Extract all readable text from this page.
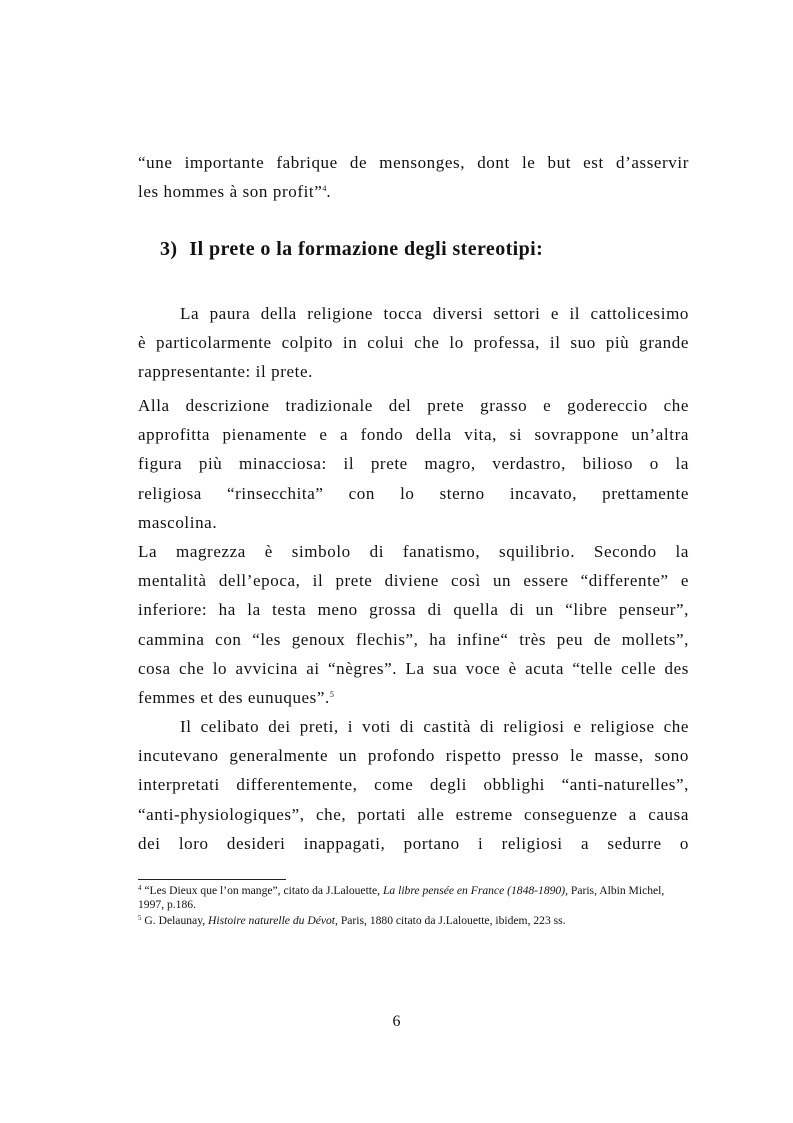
“une importante fabrique de mensonges, dont le but est d’asservir

les hommes à son profit”$^4$.

3) Il prete o la formazione degli stereotipi:

La paura della religione tocca diversi settori e il cattolicesimo

è particolarmente colpito in colui che lo professa, il suo più grande

rappresentante: il prete.

Alla descrizione tradizionale del prete grasso e godereccio che

approfitta pienamente e a fondo della vita, si sovrappone un’altra

figura più minacciosa: il prete magro, verdastro, bilioso o la

religiosa “rinsecchita” con lo sterno incavato, prettamente

mascolina.

La magrezza è simbolo di fanatismo, squilibrio. Secondo la

mentalità dell’epoca, il prete diviene così un essere “differente” e

inferiore: ha la testa meno grossa di quella di un “libre penseur”,

cammina con “les genoux flechis”, ha infine“ très peu de mollets”,

cosa che lo avvicina ai “nègres”. La sua voce è acuta “telle celle des

femmes et des eunuques”.$^5$

Il celibato dei preti, i voti di castità di religiosi e religiose che

incutevano generalmente un profondo rispetto presso le masse, sono

interpretati differentemente, come degli obblighi “anti-naturelles”,

“anti-physiologiques”, che, portati alle estreme conseguenze a causa

dei loro desideri inappagati, portano i religiosi a sedurre o

$^4$ “Les Dieux que l’on mange”, citato da J.Lalouette, La libre pensée en France (1848-1890), Paris, Albin Michel, 1997, p.186.

$^5$ G. Delaunay, Histoire naturelle du Dévot, Paris, 1880 citato da J.Lalouette, ibidem, 223 ss.

6
